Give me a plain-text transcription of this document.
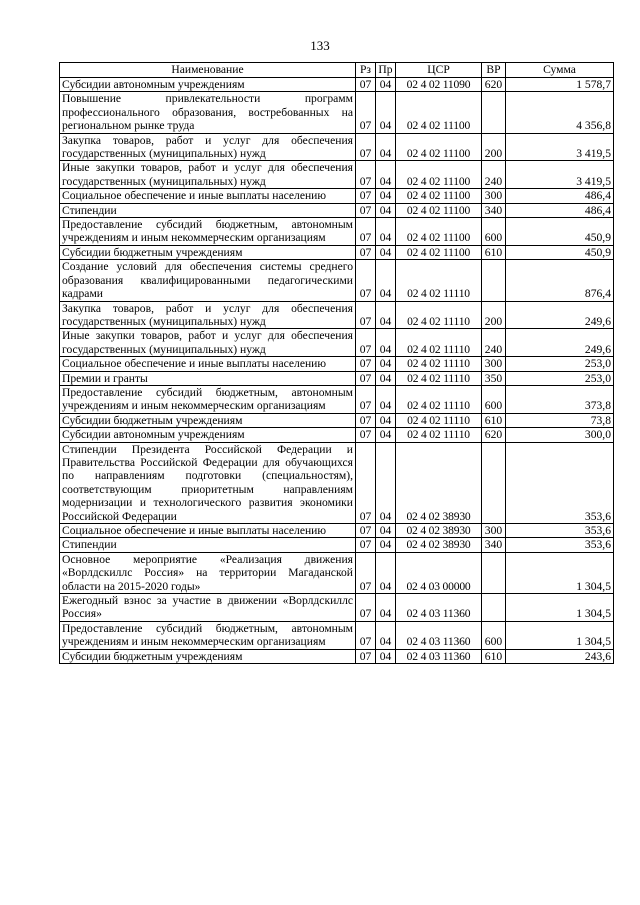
133
Наименование	Рз	Пр	ЦСР	ВР	Сумма
Субсидии автономным учреждениям	07	04	02 4 02 11090	620	1 578,7
Повышение привлекательности программ профессионального образования, востребованных на региональном рынке труда	07	04	02 4 02 11100		4 356,8
Закупка товаров, работ и услуг для обеспечения государственных (муниципальных) нужд	07	04	02 4 02 11100	200	3 419,5
Иные закупки товаров, работ и услуг для обеспечения государственных (муниципальных) нужд	07	04	02 4 02 11100	240	3 419,5
Социальное обеспечение и иные выплаты населению	07	04	02 4 02 11100	300	486,4
Стипендии	07	04	02 4 02 11100	340	486,4
Предоставление субсидий бюджетным, автономным учреждениям и иным некоммерческим организациям	07	04	02 4 02 11100	600	450,9
Субсидии бюджетным учреждениям	07	04	02 4 02 11100	610	450,9
Создание условий для обеспечения системы среднего образования квалифицированными педагогическими кадрами	07	04	02 4 02 11110		876,4
Закупка товаров, работ и услуг для обеспечения государственных (муниципальных) нужд	07	04	02 4 02 11110	200	249,6
Иные закупки товаров, работ и услуг для обеспечения государственных (муниципальных) нужд	07	04	02 4 02 11110	240	249,6
Социальное обеспечение и иные выплаты населению	07	04	02 4 02 11110	300	253,0
Премии и гранты	07	04	02 4 02 11110	350	253,0
Предоставление субсидий бюджетным, автономным учреждениям и иным некоммерческим организациям	07	04	02 4 02 11110	600	373,8
Субсидии бюджетным учреждениям	07	04	02 4 02 11110	610	73,8
Субсидии автономным учреждениям	07	04	02 4 02 11110	620	300,0
Стипендии Президента Российской Федерации и Правительства Российской Федерации для обучающихся по направлениям подготовки (специальностям), соответствующим приоритетным направлениям модернизации и технологического развития экономики Российской Федерации	07	04	02 4 02 38930		353,6
Социальное обеспечение и иные выплаты населению	07	04	02 4 02 38930	300	353,6
Стипендии	07	04	02 4 02 38930	340	353,6
Основное мероприятие «Реализация движения «Ворлдскиллс Россия» на территории Магаданской области на 2015-2020 годы»	07	04	02 4 03 00000		1 304,5
Ежегодный взнос за участие в движении «Ворлдскиллс Россия»	07	04	02 4 03 11360		1 304,5
Предоставление субсидий бюджетным, автономным учреждениям и иным некоммерческим организациям	07	04	02 4 03 11360	600	1 304,5
Субсидии бюджетным учреждениям	07	04	02 4 03 11360	610	243,6
